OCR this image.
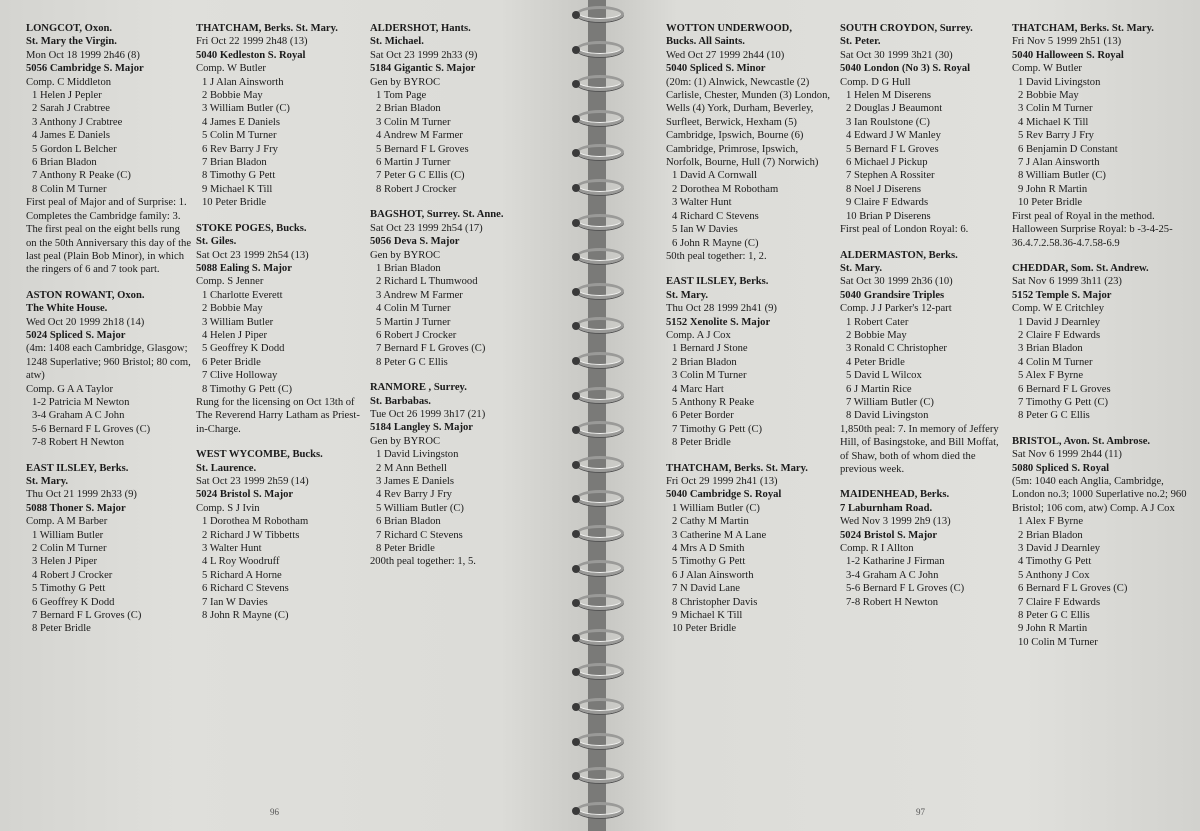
LONGCOT, Oxon.
St. Mary the Virgin.
Mon Oct 18 1999 2h46 (8)
5056 Cambridge S. Major
Comp. C Middleton
1 Helen J Pepler
2 Sarah J Crabtree
3 Anthony J Crabtree
4 James E Daniels
5 Gordon L Belcher
6 Brian Bladon
7 Anthony R Peake (C)
8 Colin M Turner
First peal of Major and of Surprise: 1. Completes the Cambridge family: 3. The first peal on the eight bells rung on the 50th Anniversary this day of the last peal (Plain Bob Minor), in which the ringers of 6 and 7 took part.
ASTON ROWANT, Oxon.
The White House.
Wed Oct 20 1999 2h18 (14)
5024 Spliced S. Major
(4m: 1408 each Cambridge, Glasgow; 1248 Superlative; 960 Bristol; 80 com, atw)
Comp. G A A Taylor
1-2 Patricia M Newton
3-4 Graham A C John
5-6 Bernard F L Groves (C)
7-8 Robert H Newton
EAST ILSLEY, Berks.
St. Mary.
Thu Oct 21 1999 2h33 (9)
5088 Thoner S. Major
Comp. A M Barber
1 William Butler
2 Colin M Turner
3 Helen J Piper
4 Robert J Crocker
5 Timothy G Pett
6 Geoffrey K Dodd
7 Bernard F L Groves (C)
8 Peter Bridle
THATCHAM, Berks. St. Mary.
Fri Oct 22 1999 2h48 (13)
5040 Kedleston S. Royal
Comp. W Butler
1 J Alan Ainsworth
2 Bobbie May
3 William Butler (C)
4 James E Daniels
5 Colin M Turner
6 Rev Barry J Fry
7 Brian Bladon
8 Timothy G Pett
9 Michael K Till
10 Peter Bridle
STOKE POGES, Bucks.
St. Giles.
Sat Oct 23 1999 2h54 (13)
5088 Ealing S. Major
Comp. S Jenner
1 Charlotte Everett
2 Bobbie May
3 William Butler
4 Helen J Piper
5 Geoffrey K Dodd
6 Peter Bridle
7 Clive Holloway
8 Timothy G Pett (C)
Rung for the licensing on Oct 13th of The Reverend Harry Latham as Priest-in-Charge.
WEST WYCOMBE, Bucks.
St. Laurence.
Sat Oct 23 1999 2h59 (14)
5024 Bristol S. Major
Comp. S J Ivin
1 Dorothea M Robotham
2 Richard J W Tibbetts
3 Walter Hunt
4 L Roy Woodruff
5 Richard A Horne
6 Richard C Stevens
7 Ian W Davies
8 John R Mayne (C)
ALDERSHOT, Hants.
St. Michael.
Sat Oct 23 1999 2h33 (9)
5184 Gigantic S. Major
Gen by BYROC
1 Tom Page
2 Brian Bladon
3 Colin M Turner
4 Andrew M Farmer
5 Bernard F L Groves
6 Martin J Turner
7 Peter G C Ellis (C)
8 Robert J Crocker
BAGSHOT, Surrey. St. Anne.
Sat Oct 23 1999 2h54 (17)
5056 Deva S. Major
Gen by BYROC
1 Brian Bladon
2 Richard L Thumwood
3 Andrew M Farmer
4 Colin M Turner
5 Martin J Turner
6 Robert J Crocker
7 Bernard F L Groves (C)
8 Peter G C Ellis
RANMORE , Surrey.
St. Barbabas.
Tue Oct 26 1999 3h17 (21)
5184 Langley S. Major
Gen by BYROC
1 David Livingston
2 M Ann Bethell
3 James E Daniels
4 Rev Barry J Fry
5 William Butler (C)
6 Brian Bladon
7 Richard C Stevens
8 Peter Bridle
200th peal together: 1, 5.
96
WOTTON UNDERWOOD,
Bucks. All Saints.
Wed Oct 27 1999 2h44 (10)
5040 Spliced S. Minor
(20m: (1) Alnwick, Newcastle (2) Carlisle, Chester, Munden (3) London, Wells (4) York, Durham, Beverley, Surfleet, Berwick, Hexham (5) Cambridge, Ipswich, Bourne (6) Cambridge, Primrose, Ipswich, Norfolk, Bourne, Hull (7) Norwich)
1 David A Cornwall
2 Dorothea M Robotham
3 Walter Hunt
4 Richard C Stevens
5 Ian W Davies
6 John R Mayne (C)
50th peal together: 1, 2.
EAST ILSLEY, Berks.
St. Mary.
Thu Oct 28 1999 2h41 (9)
5152 Xenolite S. Major
Comp. A J Cox
1 Bernard J Stone
2 Brian Bladon
3 Colin M Turner
4 Marc Hart
5 Anthony R Peake
6 Peter Border
7 Timothy G Pett (C)
8 Peter Bridle
THATCHAM, Berks. St. Mary.
Fri Oct 29 1999 2h41 (13)
5040 Cambridge S. Royal
1 William Butler (C)
2 Cathy M Martin
3 Catherine M A Lane
4 Mrs A D Smith
5 Timothy G Pett
6 J Alan Ainsworth
7 N David Lane
8 Christopher Davis
9 Michael K Till
10 Peter Bridle
SOUTH CROYDON, Surrey.
St. Peter.
Sat Oct 30 1999 3h21 (30)
5040 London (No 3) S. Royal
Comp. D G Hull
1 Helen M Diserens
2 Douglas J Beaumont
3 Ian Roulstone (C)
4 Edward J W Manley
5 Bernard F L Groves
6 Michael J Pickup
7 Stephen A Rossiter
8 Noel J Diserens
9 Claire F Edwards
10 Brian P Diserens
First peal of London Royal: 6.
ALDERMASTON, Berks.
St. Mary.
Sat Oct 30 1999 2h36 (10)
5040 Grandsire Triples
Comp. J J Parker's 12-part
1 Robert Cater
2 Bobbie May
3 Ronald C Christopher
4 Peter Bridle
5 David L Wilcox
6 J Martin Rice
7 William Butler (C)
8 David Livingston
1,850th peal: 7. In memory of Jeffery Hill, of Basingstoke, and Bill Moffat, of Shaw, both of whom died the previous week.
MAIDENHEAD, Berks.
7 Laburnham Road.
Wed Nov 3 1999 2h9 (13)
5024 Bristol S. Major
Comp. R I Allton
1-2 Katharine J Firman
3-4 Graham A C John
5-6 Bernard F L Groves (C)
7-8 Robert H Newton
THATCHAM, Berks. St. Mary.
Fri Nov 5 1999 2h51 (13)
5040 Halloween S. Royal
Comp. W Butler
1 David Livingston
2 Bobbie May
3 Colin M Turner
4 Michael K Till
5 Rev Barry J Fry
6 Benjamin D Constant
7 J Alan Ainsworth
8 William Butler (C)
9 John R Martin
10 Peter Bridle
First peal of Royal in the method. Halloween Surprise Royal: b -3-4-25-36.4.7.2.58.36-4.7.58-6.9
CHEDDAR, Som. St. Andrew.
Sat Nov 6 1999 3h11 (23)
5152 Temple S. Major
Comp. W E Critchley
1 David J Dearnley
2 Claire F Edwards
3 Brian Bladon
4 Colin M Turner
5 Alex F Byrne
6 Bernard F L Groves
7 Timothy G Pett (C)
8 Peter G C Ellis
BRISTOL, Avon. St. Ambrose.
Sat Nov 6 1999 2h44 (11)
5080 Spliced S. Royal
(5m: 1040 each Anglia, Cambridge, London no.3; 1000 Superlative no.2; 960 Bristol; 106 com, atw) Comp. A J Cox
1 Alex F Byrne
2 Brian Bladon
3 David J Dearnley
4 Timothy G Pett
5 Anthony J Cox
6 Bernard F L Groves (C)
7 Claire F Edwards
8 Peter G C Ellis
9 John R Martin
10 Colin M Turner
97
